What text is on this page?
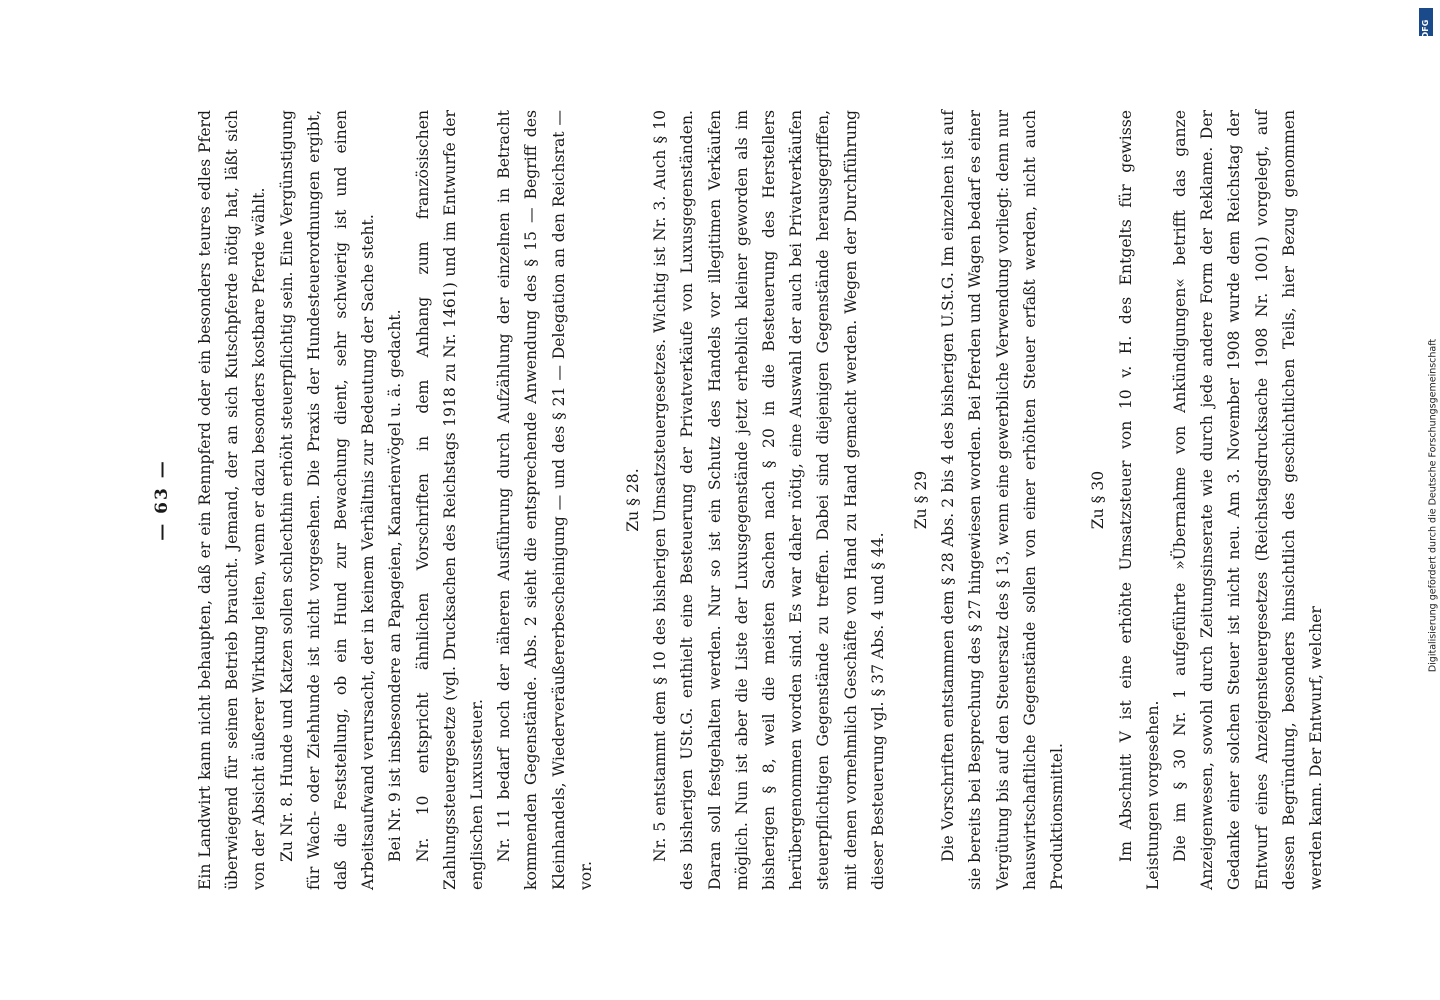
— 63 —	Ein Landwirt kann nicht behaupten, daß er ein Rennpferd oder ein besonders teures edles Pferd überwiegend für seinen Betrieb braucht. Jemand, der an sich Kutschpferde nötig hat, läßt sich von der Absicht äußerer Wirkung leiten, wenn er dazu besonders kostbare Pferde wählt. Zu Nr. 8. Hunde und Katzen sollen schlechthin erhöht steuerpflichtig sein. Eine Vergünstigung für Wach- oder Ziehhunde ist nicht vorgesehen. Die Praxis der Hundesteuerordnungen ergibt, daß die Feststellung, ob ein Hund zur Bewachung dient, sehr schwierig ist und einen Arbeitsaufwand verursacht, der in keinem Verhältnis zur Bedeutung der Sache steht. Bei Nr. 9 ist insbesondere an Papageien, Kanarienvögel u. ä. gedacht. Nr. 10 entspricht ähnlichen Vorschriften in dem Anhang zum französischen Zahlungssteuergesetze (vgl. Drucksachen des Reichstags 1918 zu Nr. 1461) und im Entwurfe der englischen Luxussteuer. Nr. 11 bedarf noch der näheren Ausführung durch Aufzählung der einzelnen in Betracht kommenden Gegenstände. Abs. 2 sieht die entsprechende Anwendung des § 15 — Begriff des Kleinhandels, Wiederveräußererbescheinigung — und des § 21 — Delegation an den Reichsrat — vor.

Zu § 28. Nr. 5 entstammt dem § 10 des bisherigen Umsatzsteuergesetzes. Wichtig ist Nr. 3. Auch § 10 des bisherigen USt.G. enthielt eine Besteuerung der Privatverkäufe von Luxusgegenständen. Daran soll festgehalten werden. Nur so ist ein Schutz des Handels vor illegitimen Verkäufen möglich. Nun ist aber die Liste der Luxusgegenstände jetzt erheblich kleiner geworden als im bisherigen § 8, weil die meisten Sachen nach § 20 in die Besteuerung des Herstellers herübergenommen worden sind. Es war daher nötig, eine Auswahl der auch bei Privatverkäufen steuerpflichtigen Gegenstände zu treffen. Dabei sind diejenigen Gegenstände herausgegriffen, mit denen vornehmlich Geschäfte von Hand zu Hand gemacht werden. Wegen der Durchführung dieser Besteuerung vgl. § 37 Abs. 4 und § 44.

Zu § 29 Die Vorschriften entstammen dem § 28 Abs. 2 bis 4 des bisherigen U.St.G. Im einzelnen ist auf sie bereits bei Besprechung des § 27 hingewiesen worden. Bei Pferden und Wagen bedarf es einer Vergütung bis auf den Steuersatz des § 13, wenn eine gewerbliche Verwendung vorliegt: denn nur hauswirtschaftliche Gegenstände sollen von einer erhöhten Steuer erfaßt werden, nicht auch Produktionsmittel.

Zu § 30 Im Abschnitt V ist eine erhöhte Umsatzsteuer von 10 v. H. des Entgelts für gewisse Leistungen vorgesehen. Die im § 30 Nr. 1 aufgeführte »Übernahme von Ankündigungen« betrifft das ganze Anzeigenwesen, sowohl durch Zeitungsinserate wie durch jede andere Form der Reklame. Der Gedanke einer solchen Steuer ist nicht neu. Am 3. November 1908 wurde dem Reichstag der Entwurf eines Anzeigensteuergesetzes (Reichstagsdrucksache 1908 Nr. 1001) vorgelegt, auf dessen Begründung, besonders hinsichtlich des geschichtlichen Teils, hier Bezug genommen werden kann. Der Entwurf, welcher

Digitalisierung gefördert durch die Deutsche Forschungsgemeinschaft
DFG
